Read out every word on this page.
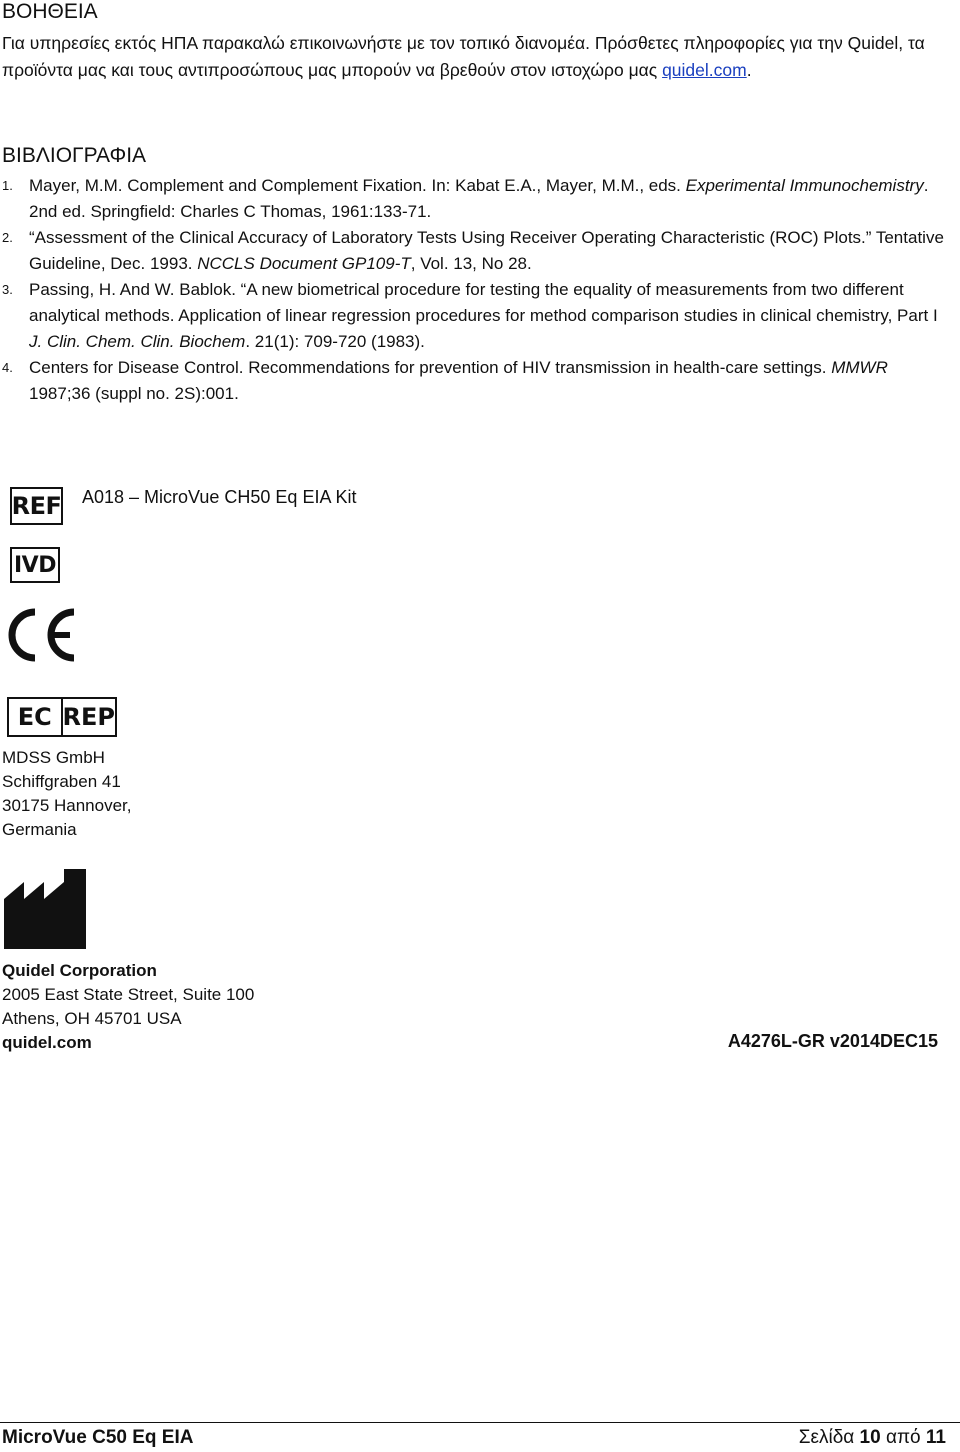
ΒΟΗΘΕΙΑ
Για υπηρεσίες εκτός ΗΠΑ παρακαλώ επικοινωνήστε με τον τοπικό διανομέα. Πρόσθετες πληροφορίες για την Quidel, τα προϊόντα μας και τους αντιπροσώπους μας μπορούν να βρεθούν στον ιστοχώρο μας quidel.com.
ΒΙΒΛΙΟΓΡΑΦΙΑ
1. Mayer, M.M. Complement and Complement Fixation. In: Kabat E.A., Mayer, M.M., eds. Experimental Immunochemistry. 2nd ed. Springfield: Charles C Thomas, 1961:133-71.
2. “Assessment of the Clinical Accuracy of Laboratory Tests Using Receiver Operating Characteristic (ROC) Plots.” Tentative Guideline, Dec. 1993. NCCLS Document GP109-T, Vol. 13, No 28.
3. Passing, H. And W. Bablok. “A new biometrical procedure for testing the equality of measurements from two different analytical methods. Application of linear regression procedures for method comparison studies in clinical chemistry, Part I J. Clin. Chem. Clin. Biochem. 21(1): 709-720 (1983).
4. Centers for Disease Control. Recommendations for prevention of HIV transmission in health-care settings. MMWR 1987;36 (suppl no. 2S):001.
REF A018 – MicroVue CH50 Eq EIA Kit
IVD
EC REP
MDSS GmbH
Schiffgraben 41
30175 Hannover,
Germania
Quidel Corporation
2005 East State Street, Suite 100
Athens, OH 45701 USA
quidel.com	A4276L-GR v2014DEC15
MicroVue C50 Eq EIA	Σελίδα 10 από 11
